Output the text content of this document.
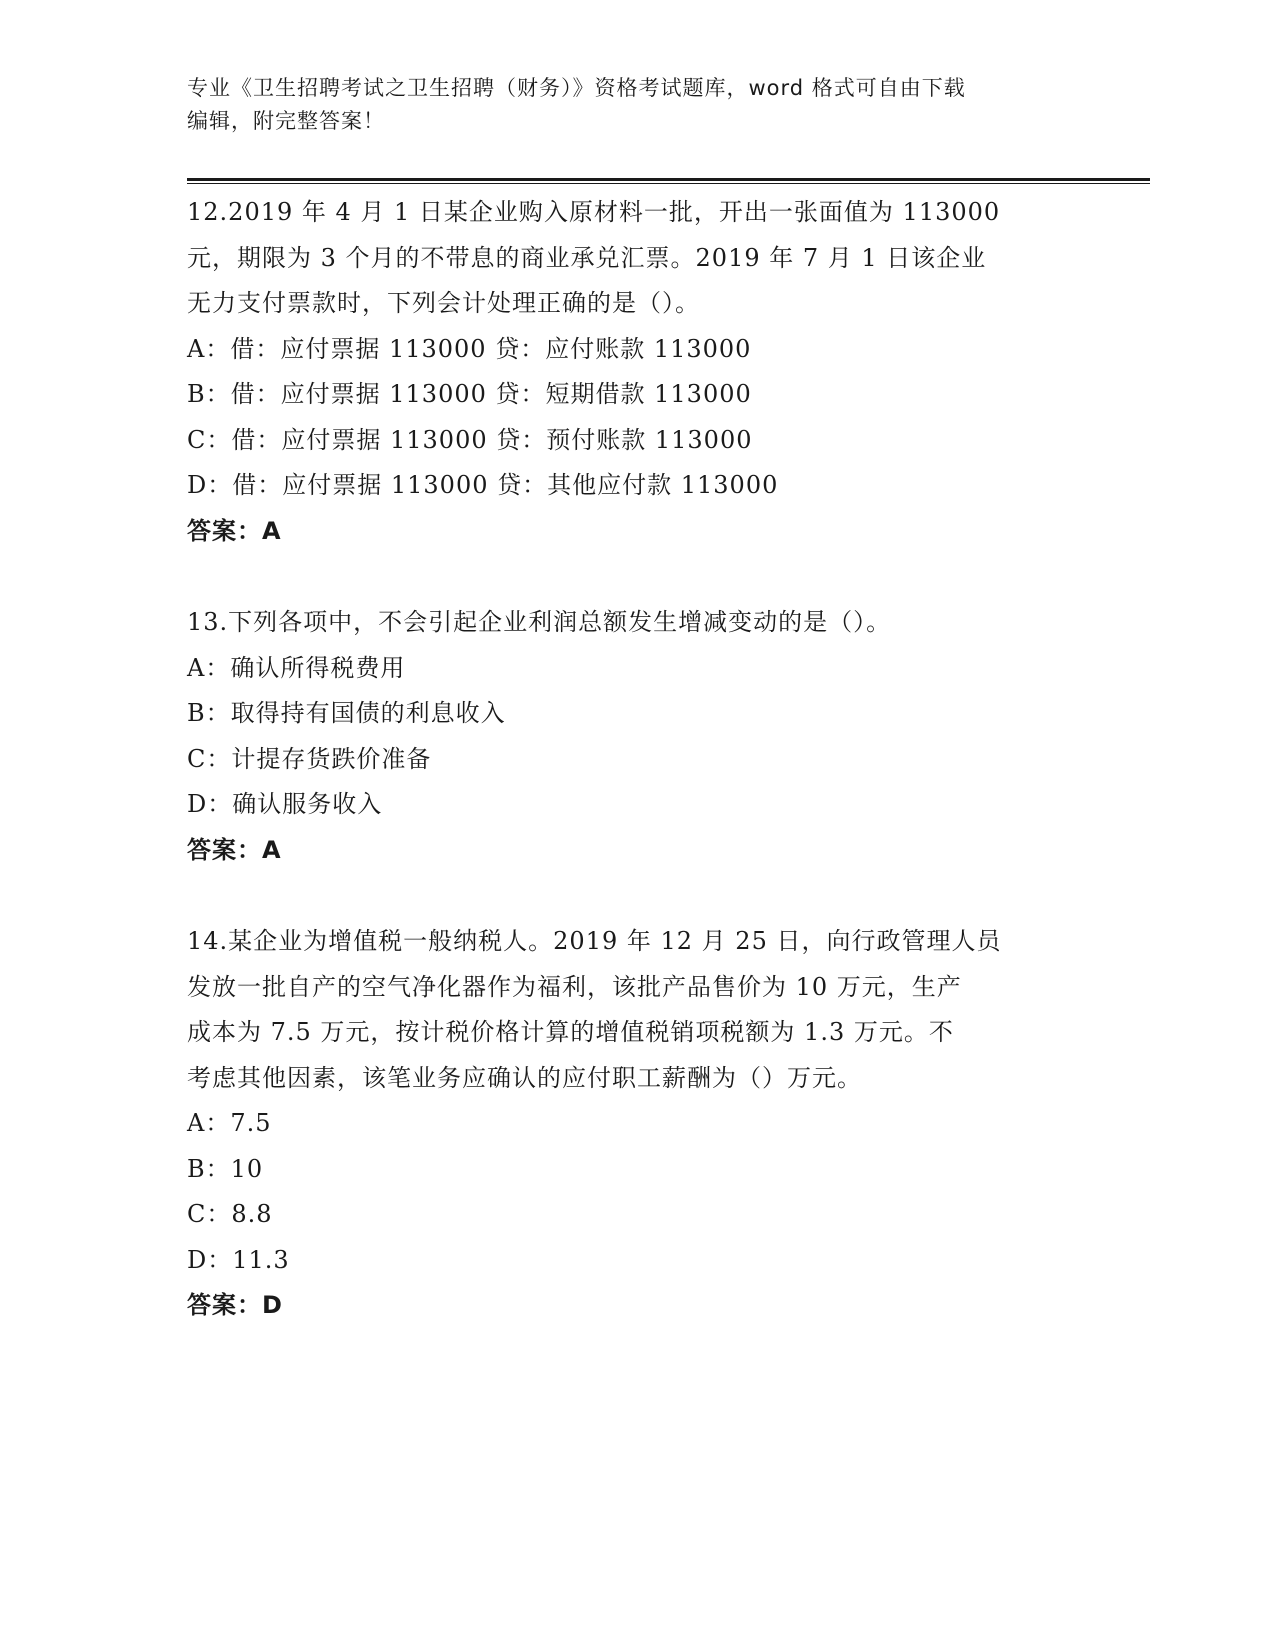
专业《卫生招聘考试之卫生招聘（财务）》资格考试题库，word 格式可自由下载
编辑，附完整答案！

12.2019 年 4 月 1 日某企业购入原材料一批，开出一张面值为 113000
元，期限为 3 个月的不带息的商业承兑汇票。2019 年 7 月 1 日该企业
无力支付票款时，下列会计处理正确的是（）。

A：借：应付票据 113000 贷：应付账款 113000
B：借：应付票据 113000 贷：短期借款 113000
C：借：应付票据 113000 贷：预付账款 113000
D：借：应付票据 113000 贷：其他应付款 113000
答案：A

13.下列各项中，不会引起企业利润总额发生增减变动的是（）。

A：确认所得税费用
B：取得持有国债的利息收入
C：计提存货跌价准备
D：确认服务收入
答案：A

14.某企业为增值税一般纳税人。2019 年 12 月 25 日，向行政管理人员
发放一批自产的空气净化器作为福利，该批产品售价为 10 万元，生产
成本为 7.5 万元，按计税价格计算的增值税销项税额为 1.3 万元。不
考虑其他因素，该笔业务应确认的应付职工薪酬为（）万元。

A：7.5
B：10
C：8.8
D：11.3
答案：D
